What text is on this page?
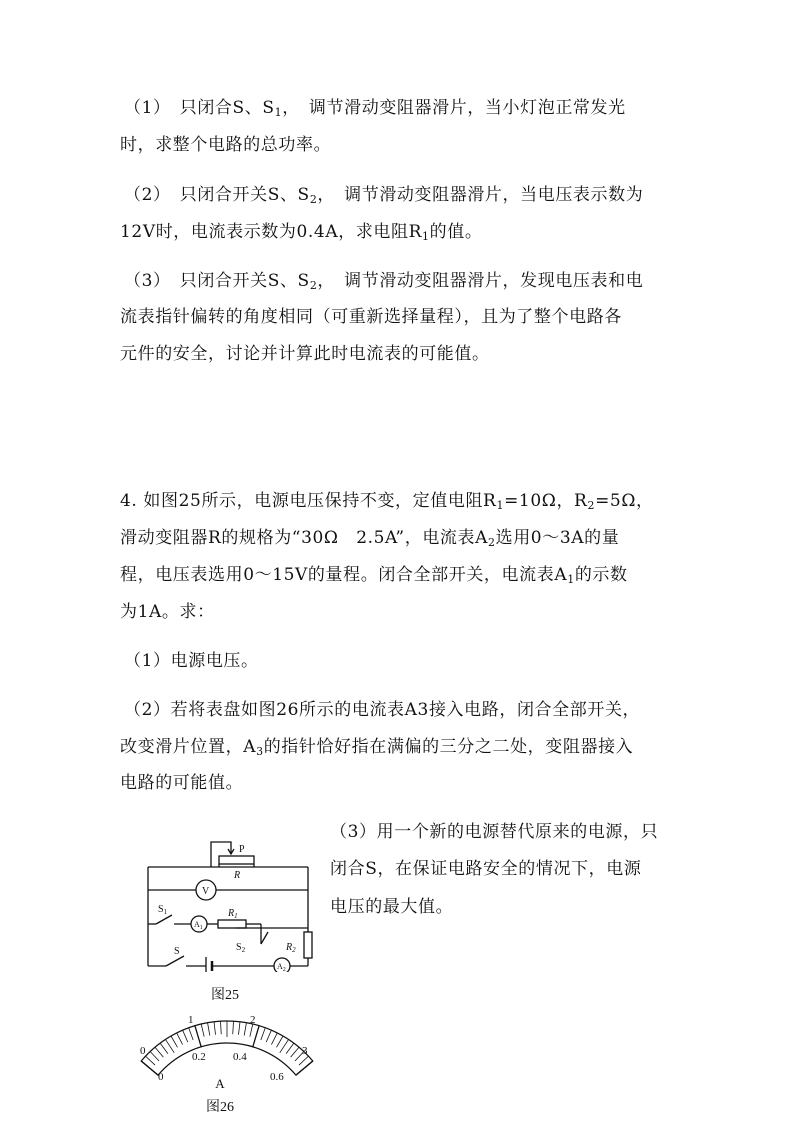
（1）　只闭合S、$S_1$，　调节滑动变阻器滑片，当小灯泡正常发光
时，求整个电路的总功率。
（2）　只闭合开关S、$S_2$，　调节滑动变阻器滑片，当电压表示数为
12V时，电流表示数为0.4A，求电阻$R_1$的值。
（3）　只闭合开关S、$S_2$，　调节滑动变阻器滑片，发现电压表和电
流表指针偏转的角度相同（可重新选择量程），且为了整个电路各
元件的安全，讨论并计算此时电流表的可能值。
4. 如图25所示，电源电压保持不变，定值电阻$R_1=10\Omega$，$R_2=5\Omega$，
滑动变阻器R的规格为“30Ω　2.5A”，电流表$A_2$选用0～3A的量
程，电压表选用0～15V的量程。闭合全部开关，电流表$A_1$的示数
为1A。求：
（1）电源电压。
（2）若将表盘如图26所示的电流表A3接入电路，闭合全部开关，
改变滑片位置，$A_3$的指针恰好指在满偏的三分之二处，变阻器接入
电路的可能值。
（3）用一个新的电源替代原来的电源，只
闭合S，在保证电路安全的情况下，电源
电压的最大值。
P
R
V
$S_1$
$A_1$
$R_1$
S	$S_2$	$R_2$
$A_2$
图25
0
1	2
3
0
0.2 0.4
0.6
A
图26
